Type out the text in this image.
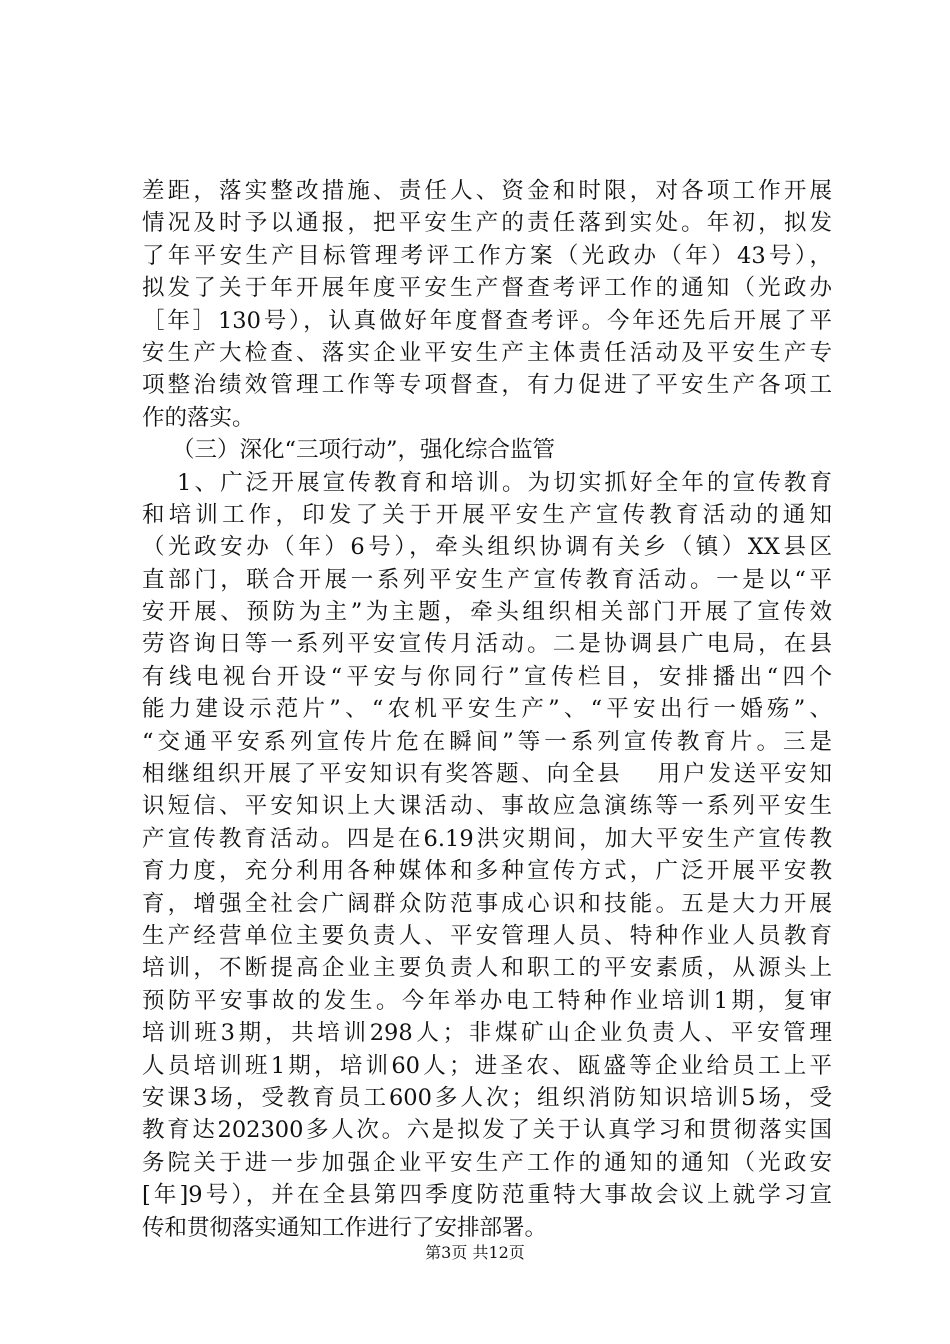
差距，落实整改措施、责任人、资金和时限，对各项工作开展
情况及时予以通报，把平安生产的责任落到实处。年初，拟发
了年平安生产目标管理考评工作方案（光政办（年）43号），
拟发了关于年开展年度平安生产督查考评工作的通知（光政办
［年］130号），认真做好年度督查考评。今年还先后开展了平
安生产大检查、落实企业平安生产主体责任活动及平安生产专
项整治绩效管理工作等专项督查，有力促进了平安生产各项工
作的落实。
（三）深化“三项行动”，强化综合监管
1、广泛开展宣传教育和培训。为切实抓好全年的宣传教育
和培训工作，印发了关于开展平安生产宣传教育活动的通知
（光政安办（年）6号），牵头组织协调有关乡（镇）XX县区
直部门，联合开展一系列平安生产宣传教育活动。一是以“平
安开展、预防为主”为主题，牵头组织相关部门开展了宣传效
劳咨询日等一系列平安宣传月活动。二是协调县广电局，在县
有线电视台开设“平安与你同行”宣传栏目，安排播出“四个
能力建设示范片”、“农机平安生产”、“平安出行一婚殇”、
“交通平安系列宣传片危在瞬间”等一系列宣传教育片。三是
相继组织开展了平安知识有奖答题、向全县　 用户发送平安知
识短信、平安知识上大课活动、事故应急演练等一系列平安生
产宣传教育活动。四是在6.19洪灾期间，加大平安生产宣传教
育力度，充分利用各种媒体和多种宣传方式，广泛开展平安教
育，增强全社会广阔群众防范事成心识和技能。五是大力开展
生产经营单位主要负责人、平安管理人员、特种作业人员教育
培训，不断提高企业主要负责人和职工的平安素质，从源头上
预防平安事故的发生。今年举办电工特种作业培训1期，复审
培训班3期，共培训298人；非煤矿山企业负责人、平安管理
人员培训班1期，培训60人；进圣农、瓯盛等企业给员工上平
安课3场，受教育员工600多人次；组织消防知识培训5场，受
教育达202300多人次。六是拟发了关于认真学习和贯彻落实国
务院关于进一步加强企业平安生产工作的通知的通知（光政安
[年]9号），并在全县第四季度防范重特大事故会议上就学习宣
传和贯彻落实通知工作进行了安排部署。
第3页 共12页
